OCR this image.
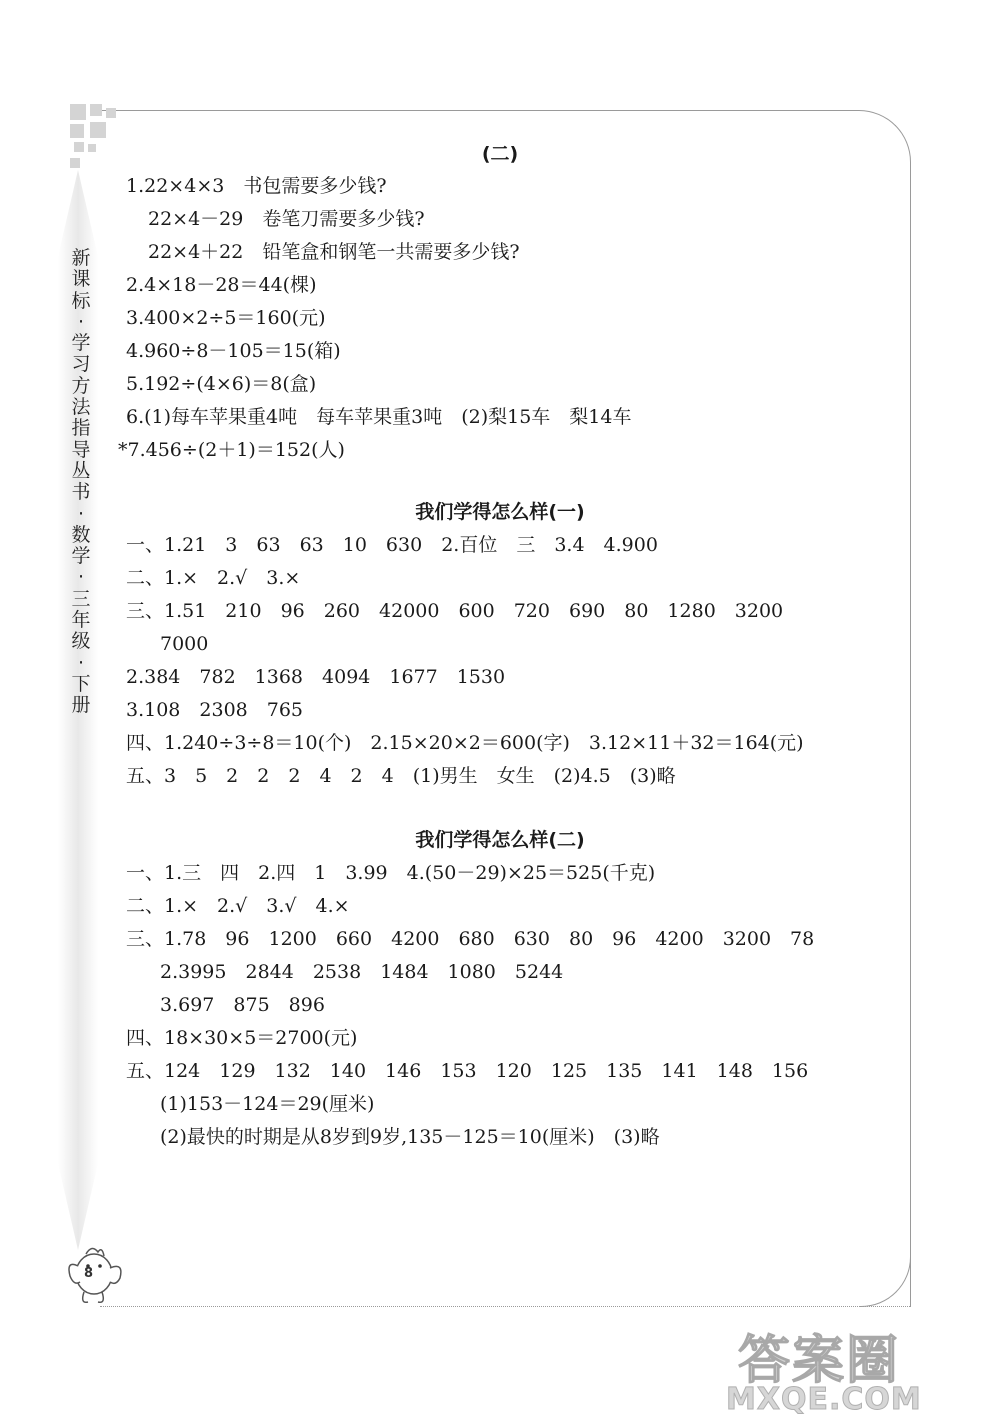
新
课
标
·
学
习
方
法
指
导
丛
书
·
数
学
·
三
年
级
·
下
册
8
(二)
1.22×4×3　书包需要多少钱?
22×4－29　卷笔刀需要多少钱?
22×4＋22　铅笔盒和钢笔一共需要多少钱?
2.4×18－28＝44(棵)
3.400×2÷5＝160(元)
4.960÷8－105＝15(箱)
5.192÷(4×6)＝8(盒)
6.(1)每车苹果重4吨　每车苹果重3吨　(2)梨15车　梨14车
*7.456÷(2＋1)＝152(人)
我们学得怎么样(一)
一、1.21　3　63　63　10　630　2.百位　三　3.4　4.900
二、1.×　2.√　3.×
三、1.51　210　96　260　42000　600　720　690　80　1280　3200
7000
2.384　782　1368　4094　1677　1530
3.108　2308　765
四、1.240÷3÷8＝10(个)　2.15×20×2＝600(字)　3.12×11＋32＝164(元)
五、3　5　2　2　2　4　2　4　(1)男生　女生　(2)4.5　(3)略
我们学得怎么样(二)
一、1.三　四　2.四　1　3.99　4.(50－29)×25＝525(千克)
二、1.×　2.√　3.√　4.×
三、1.78　96　1200　660　4200　680　630　80　96　4200　3200　78
2.3995　2844　2538　1484　1080　5244
3.697　875　896
四、18×30×5＝2700(元)
五、124　129　132　140　146　153　120　125　135　141　148　156
(1)153－124＝29(厘米)
(2)最快的时期是从8岁到9岁,135－125＝10(厘米)　(3)略
答案圈
MXQE.COM
